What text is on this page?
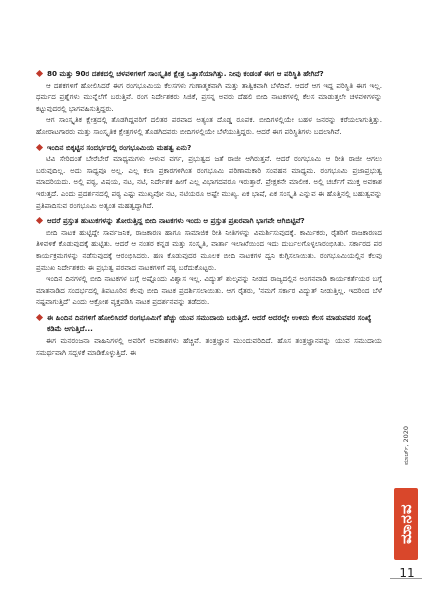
80 ಮತ್ತು 90ರ ದಶಕದಲ್ಲಿ ಚಳವಳಿಗಳಿಗೆ ಸಾಂಸ್ಕೃತಿಕ ಕ್ಷೇತ್ರ ಒತ್ತಾಸೆಯಾಗಿತ್ತು. ನೀವು ಕಂಡಂತೆ ಈಗ ಆ ಪರಿಸ್ಥಿತಿ ಹೇಗಿದೆ?

ಆ ದಶಕಗಳಿಗೆ ಹೋಲಿಸಿದರೆ ಈಗ ರಂಗಭೂಮಿಯ ಕೆಲಸಗಳು ಗುಣಾತ್ಮಕವಾಗಿ ಮತ್ತು ತಾತ್ವಿಕವಾಗಿ ಬೆಳೆದಿವೆ. ಆದರೆ ಆಗ ಇದ್ದ ಪರಿಸ್ಥಿತಿ ಈಗ ಇಲ್ಲ. ಧರ್ಮದ ಪ್ರಶ್ನೆಗಳು ಮುನ್ನೆಲೆಗೆ ಬರುತ್ತಿವೆ. ರಂಗ ನಿರ್ದೇಶಕರು ಸಿಜಿಕೆ, ಪ್ರಸನ್ನ ಅವರು ದೆಹಲಿ ಬೀದಿ ನಾಟಕಗಳಲ್ಲಿ ಕೆಲಸ ಮಾಡುತ್ತಲೇ ಚಳವಳಿಗಳನ್ನು ಕಟ್ಟುವುದರಲ್ಲಿ ಭಾಗವಹಿಸುತ್ತಿದ್ದರು.

ಆಗ ಸಾಂಸ್ಕೃತಿಕ ಕ್ಷೇತ್ರದಲ್ಲಿ ತೊಡಗಿದ್ದವರಿಗೆ ದಲಿತರ ಪರವಾದ ಅತ್ಯಂತ ದೊಡ್ಡ ರೂಪಕ. ಬೀದಿಗಳಲ್ಲಿಯೇ ಬಹಳ ಜನರನ್ನು ಕರೆಯಲಾಗುತ್ತಿತ್ತು. ಹೋರಾಟಗಾರರು ಮತ್ತು ಸಾಂಸ್ಕೃತಿಕ ಕ್ಷೇತ್ರಗಳಲ್ಲಿ ತೊಡಗಿದವರು ಬೀದಿಗಳಲ್ಲಿಯೇ ಬೆಳೆಯುತ್ತಿದ್ದರು. ಆದರೆ ಈಗ ಪರಿಸ್ಥಿತಿಗಳು ಬದಲಾಗಿವೆ.

ಇಂದಿನ ಬಿಕ್ಕಟ್ಟಿನ ಸಂದರ್ಭದಲ್ಲಿ ರಂಗಭೂಮಿಯ ಮಹತ್ವ ಏನು?

ಟಿವಿ ಸೇರಿದಂತೆ ಬೇರೆಬೇರೆ ಮಾಧ್ಯಮಗಳು ಆಳುವ ವರ್ಗ, ಪ್ರಭುತ್ವದ ಜತೆ ರಾಜೀ ಆಗಿರುತ್ತವೆ. ಆದರೆ ರಂಗಭೂಮಿ ಆ ರೀತಿ ರಾಜೀ ಆಗಲು ಬರುವುದಿಲ್ಲ. ಅದು ಸಾಧ್ಯವೂ ಅಲ್ಲ. ಎಲ್ಲ ಕಲಾ ಪ್ರಕಾರಗಳಿಗಿಂತ ರಂಗಭೂಮಿ ಪರಿಣಾಮಕಾರಿ ಸಂವಹನ ಮಾಧ್ಯಮ. ರಂಗಭೂಮಿ ಪ್ರಜಾಪ್ರಭುತ್ವ ಮಾದರಿಯದು. ಅಲ್ಲಿ ಪಠ್ಯ, ವಿಷಯ, ನಟ, ನಟಿ, ನಿರ್ದೇಶಕ ಹೀಗೆ ಎಲ್ಲ ವಿಭಾಗದವರೂ ಇರುತ್ತಾರೆ. ಪ್ರೇಕ್ಷಕನೇ ಮಾಲೀಕ. ಅಲ್ಲಿ ಚರ್ಚೆಗೆ ಮುಕ್ತ ಅವಕಾಶ ಇರುತ್ತದೆ. ಎಂದು ಪ್ರದರ್ಶನದಲ್ಲಿ ಪಠ್ಯ ಎಷ್ಟು ಮುಖ್ಯವೋ ನಟ, ನಟಿಯರೂ ಅಷ್ಟೇ ಮುಖ್ಯ. ಏಕ ಭಾಷೆ, ಏಕ ಸಂಸ್ಕೃತಿ ಎನ್ನುವ ಈ ಹೊತ್ತಿನಲ್ಲಿ ಬಹುತ್ವವನ್ನು ಪ್ರತಿಪಾದಿಸುವ ರಂಗಭೂಮಿ ಅತ್ಯಂತ ಮಹತ್ವದ್ದಾಗಿದೆ.

ಆದರೆ ಪ್ರಸ್ತುತ ಹುಟುಕಗಳನ್ನು ತೋರುತ್ತಿದ್ದ ಬೀದಿ ನಾಟಕಗಳು ಇಂದು ಆ ಪ್ರಸ್ತುತ ಪ್ರಖರವಾಗಿ ಭಾಗವೇ ಆಗಿಬಿಟ್ಟಿವೆ?

ಬೀದಿ ನಾಟಕ ಹುಟ್ಟಿದ್ದೇ ಸಾರ್ವಜನಿಕ, ರಾಜಕಾರಣ ಹಾಗೂ ಸಾಮಾಜಿಕ ರೀತಿ ನೀತಿಗಳನ್ನು ವಿಮರ್ಶಿಸುವುದಕ್ಕೆ. ಕಾರ್ಮಿಕರು, ರೈತರಿಗೆ ರಾಜಕಾರಣದ ತಿಳಿವಳಿಕೆ ಕೊಡುವುದಕ್ಕೆ ಹುಟ್ಟಿತು. ಆದರೆ ಆ ನಂತರ ಕನ್ನಡ ಮತ್ತು ಸಂಸ್ಕೃತಿ, ವಾರ್ತಾ ಇಲಾಖೆಯಿಂದ ಇದು ದುರ್ಬಲಗೊಳ್ಳಲಾರಂಭಿಸಿತು. ಸರ್ಕಾರದ ಪರ ಕಾರ್ಯಕ್ರಮಗಳನ್ನು ನಡೆಸುವುದಕ್ಕೆ ಆರಂಭಿಸಿದರು. ಹಣ ಕೊಡುವುದರ ಮೂಲಕ ಬೀದಿ ನಾಟಕಗಳ ದ್ವನಿ ಕುಗ್ಗಿಸಲಾಯಿತು. ರಂಗಭೂಮಿಯಲ್ಲಿನ ಕೆಲವು ಪ್ರಮುಖ ನಿರ್ದೇಶಕರು ಈ ಪ್ರಭುತ್ವ ಪರವಾದ ನಾಟಕಗಳಿಗೆ ಪಠ್ಯ ಬರೆದುಕೊಟ್ಟರು.

ಇಂದಿನ ದಿನಗಳಲ್ಲಿ ಬೀದಿ ನಾಟಕಗಳ ಬಗ್ಗೆ ಅಷ್ಟೊಂದು ವಿಶ್ವಾಸ ಇಲ್ಲ. ವಿದ್ಯುತ್ ಶುಲ್ಕವನ್ನು ನೀಡದ ರಾಜ್ಯದಲ್ಲಿನ ಅಂಗನವಾಡಿ ಕಾರ್ಯಕರ್ತೆಯರ ಬಗ್ಗೆ ಮಾತನಾಡಿದ ಸಂದರ್ಭದಲ್ಲಿ ತಿಪಟೂರಿನ ಕೆಲವು ಬೀದಿ ನಾಟಕ ಪ್ರದರ್ಶಿಸಲಾಯಿತು. ಆಗ ರೈತರು, 'ನಮಗೆ ಸರ್ಕಾರ ವಿದ್ಯುತ್ ನೀಡುತ್ತಿಲ್ಲ. ಇದರಿಂದ ಬೆಳೆ ನಷ್ಟವಾಗುತ್ತಿದೆ' ಎಂದು ಆಕ್ರೋಶ ವ್ಯಕ್ತಪಡಿಸಿ ನಾಟಕ ಪ್ರದರ್ಶನವನ್ನು ತಡೆದರು.

ಈ ಹಿಂದಿನ ದಿನಗಳಿಗೆ ಹೋಲಿಸಿದರೆ ರಂಗಭೂಮಿಗೆ ಹೆಚ್ಚು ಯುವ ಸಮುದಾಯ ಬರುತ್ತಿದೆ. ಆದರೆ ಅದರಲ್ಲೇ ಉಳಿದು ಕೆಲಸ ಮಾಡುವವರ ಸಂಖ್ಯೆ ಕಡಿಮೆ ಆಗುತ್ತಿದೆ...

ಈಗ ಮನರಂಜನಾ ವಾಹಿನಿಗಳಲ್ಲಿ ಅವರಿಗೆ ಅವಕಾಶಗಳು ಹೆಚ್ಚಿವೆ. ತಂತ್ರಜ್ಞಾನ ಮುಂದುವರಿದಿದೆ. ಹೊಸ ತಂತ್ರಜ್ಞಾನವನ್ನು ಯುವ ಸಮುದಾಯ ಸಮರ್ಥವಾಗಿ ಸದ್ಬಳಕೆ ಮಾಡಿಕೊಳ್ಳುತ್ತಿದೆ. ಈ

ಮಾರ್ಚ್, 2020
ಮಾನವ
11
